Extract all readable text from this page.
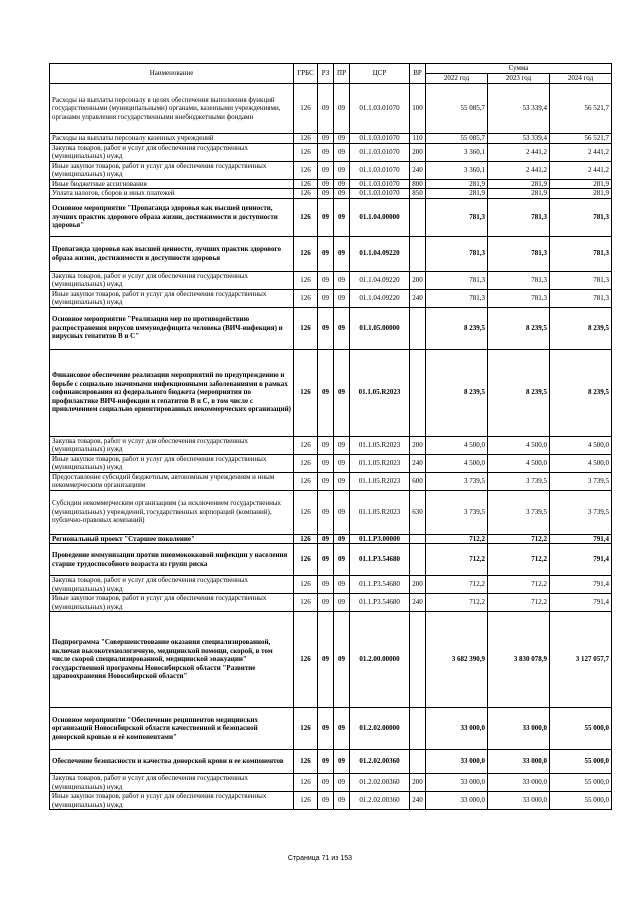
Наименование	ГРБС	РЗ	ПР	ЦСР	ВР	Сумма		
						2022 год	2023 год	2024 год
Расходы на выплаты персоналу в целях обеспечения выполнения функций государственными (муниципальными) органами, казенными учреждениями, органами управления государственными внебюджетными фондами	126	09	09	01.1.03.01070	100	55 085,7	53 339,4	56 521,7
Расходы на выплаты персоналу казенных учреждений	126	09	09	01.1.03.01070	110	55 085,7	53 339,4	56 521,7
Закупка товаров, работ и услуг для обеспечения государственных (муниципальных) нужд	126	09	09	01.1.03.01070	200	3 360,1	2 441,2	2 441,2
Иные закупки товаров, работ и услуг для обеспечения государственных (муниципальных) нужд	126	09	09	01.1.03.01070	240	3 360,1	2 441,2	2 441,2
Иные бюджетные ассигнования	126	09	09	01.1.03.01070	800	281,9	281,9	281,9
Уплата налогов, сборов и иных платежей	126	09	09	01.1.03.01070	850	281,9	281,9	281,9
Основное мероприятие "Пропаганда здоровья как высшей ценности, лучших практик здорового образа жизни, достижимости и доступности здоровья"	126	09	09	01.1.04.00000		781,3	781,3	781,3
Пропаганда здоровья как высшей ценности, лучших практик здорового образа жизни, достижимости и доступности здоровья	126	09	09	01.1.04.09220		781,3	781,3	781,3
Закупка товаров, работ и услуг для обеспечения государственных (муниципальных) нужд	126	09	09	01.1.04.09220	200	781,3	781,3	781,3
Иные закупки товаров, работ и услуг для обеспечения государственных (муниципальных) нужд	126	09	09	01.1.04.09220	240	781,3	781,3	781,3
Основное мероприятие "Реализация мер по противодействию распространения вирусов иммунодефицита человека (ВИЧ-инфекция) и вирусных гепатитов В и С"	126	09	09	01.1.05.00000		8 239,5	8 239,5	8 239,5
Финансовое обеспечение реализации мероприятий по предупреждению и борьбе с социально значимыми инфекционными заболеваниями в рамках софинансирования из федерального бюджета (мероприятия по профилактике ВИЧ-инфекции и гепатитов В и С, в том числе с привлечением социально ориентированных некоммерческих организаций)	126	09	09	01.1.05.R2023		8 239,5	8 239,5	8 239,5
Закупка товаров, работ и услуг для обеспечения государственных (муниципальных) нужд	126	09	09	01.1.05.R2023	200	4 500,0	4 500,0	4 500,0
Иные закупки товаров, работ и услуг для обеспечения государственных (муниципальных) нужд	126	09	09	01.1.05.R2023	240	4 500,0	4 500,0	4 500,0
Предоставление субсидий бюджетным, автономным учреждениям и иным некоммерческим организациям	126	09	09	01.1.05.R2023	600	3 739,5	3 739,5	3 739,5
Субсидии некоммерческим организациям (за исключением государственных (муниципальных) учреждений, государственных корпораций (компаний), публично-правовых компаний)	126	09	09	01.1.05.R2023	630	3 739,5	3 739,5	3 739,5
Региональный проект "Старшее поколение"	126	09	09	01.1.P3.00000		712,2	712,2	791,4
Проведение иммунизации против пневмококковой инфекции у населения старше трудоспособного возраста из групп риска	126	09	09	01.1.P3.54680		712,2	712,2	791,4
Закупка товаров, работ и услуг для обеспечения государственных (муниципальных) нужд	126	09	09	01.1.P3.54680	200	712,2	712,2	791,4
Иные закупки товаров, работ и услуг для обеспечения государственных (муниципальных) нужд	126	09	09	01.1.P3.54680	240	712,2	712,2	791,4
Подпрограмма "Совершенствование оказания специализированной, включая высокотехнологичную, медицинской помощи, скорой, в том числе скорой специализированной, медицинской эвакуации" государственной программы Новосибирской области "Развитие здравоохранения Новосибирской области"	126	09	09	01.2.00.00000		3 682 390,9	3 830 078,9	3 127 057,7
Основное мероприятие "Обеспечение реципиентов медицинских организаций Новосибирской области качественной и безопасной донорской кровью и её компонентами"	126	09	09	01.2.02.00000		33 000,0	33 000,0	55 000,0
Обеспечение безопасности и качества донорской крови и ее компонентов	126	09	09	01.2.02.00360		33 000,0	33 000,0	55 000,0
Закупка товаров, работ и услуг для обеспечения государственных (муниципальных) нужд	126	09	09	01.2.02.00360	200	33 000,0	33 000,0	55 000,0
Иные закупки товаров, работ и услуг для обеспечения государственных (муниципальных) нужд	126	09	09	01.2.02.00360	240	33 000,0	33 000,0	55 000,0
Страница 71 из 153
